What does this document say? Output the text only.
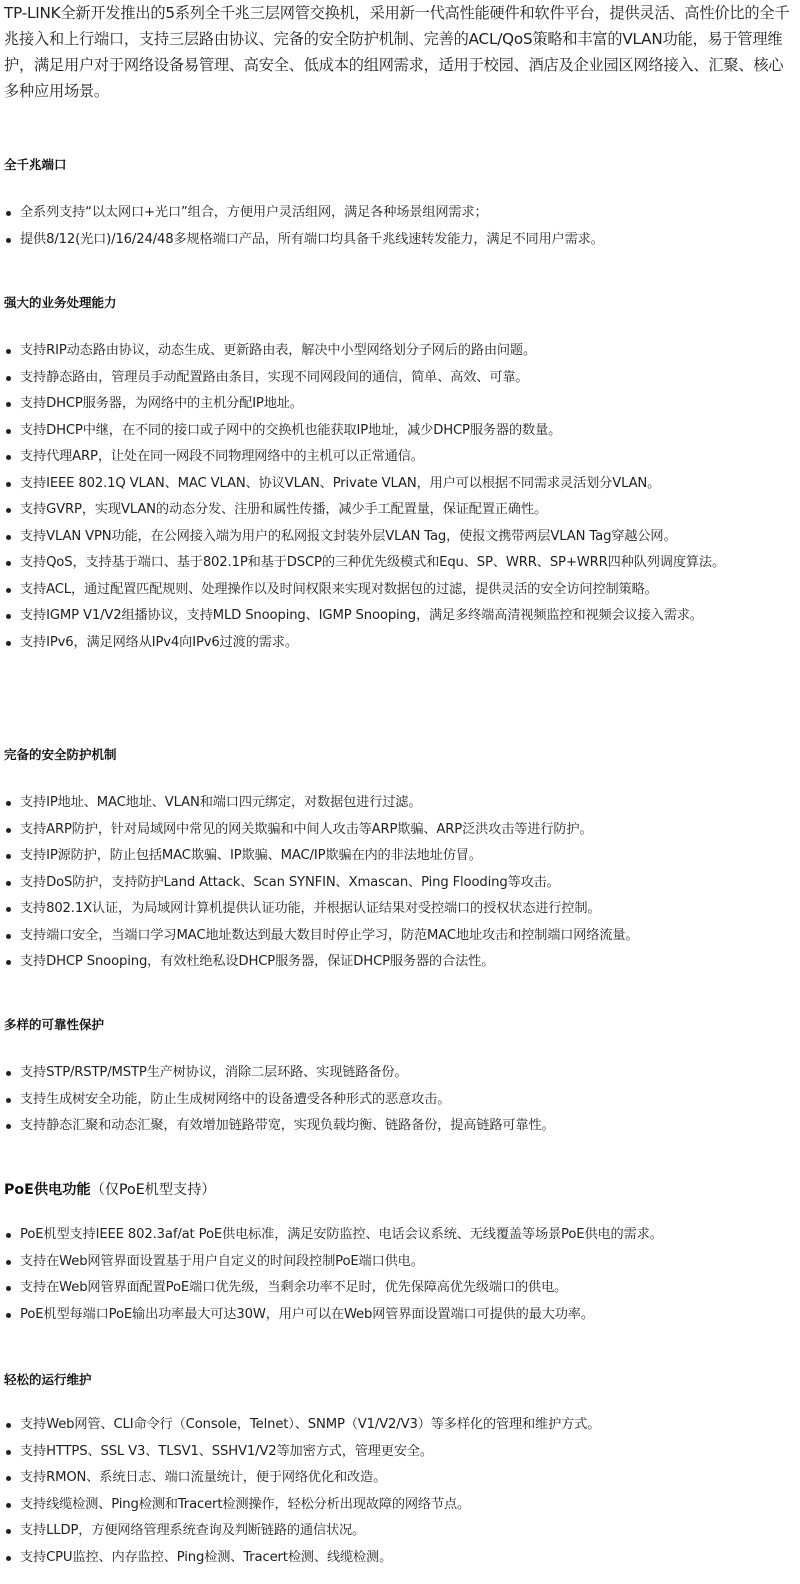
TP-LINK全新开发推出的5系列全千兆三层网管交换机，采用新一代高性能硬件和软件平台，提供灵活、高性价比的全千兆接入和上行端口，支持三层路由协议、完备的安全防护机制、完善的ACL/QoS策略和丰富的VLAN功能，易于管理维护，满足用户对于网络设备易管理、高安全、低成本的组网需求，适用于校园、酒店及企业园区网络接入、汇聚、核心多种应用场景。

全千兆端口
全系列支持“以太网口+光口”组合，方便用户灵活组网，满足各种场景组网需求；
提供8/12(光口)/16/24/48多规格端口产品，所有端口均具备千兆线速转发能力，满足不同用户需求。
强大的业务处理能力
支持RIP动态路由协议，动态生成、更新路由表，解决中小型网络划分子网后的路由问题。
支持静态路由，管理员手动配置路由条目，实现不同网段间的通信，简单、高效、可靠。
支持DHCP服务器，为网络中的主机分配IP地址。
支持DHCP中继，在不同的接口或子网中的交换机也能获取IP地址，减少DHCP服务器的数量。
支持代理ARP，让处在同一网段不同物理网络中的主机可以正常通信。
支持IEEE 802.1Q VLAN、MAC VLAN、协议VLAN、Private VLAN，用户可以根据不同需求灵活划分VLAN。
支持GVRP，实现VLAN的动态分发、注册和属性传播，减少手工配置量，保证配置正确性。
支持VLAN VPN功能，在公网接入端为用户的私网报文封装外层VLAN Tag，使报文携带两层VLAN Tag穿越公网。
支持QoS，支持基于端口、基于802.1P和基于DSCP的三种优先级模式和Equ、SP、WRR、SP+WRR四种队列调度算法。
支持ACL，通过配置匹配规则、处理操作以及时间权限来实现对数据包的过滤，提供灵活的安全访问控制策略。
支持IGMP V1/V2组播协议，支持MLD Snooping、IGMP Snooping，满足多终端高清视频监控和视频会议接入需求。
支持IPv6，满足网络从IPv4向IPv6过渡的需求。
完备的安全防护机制
支持IP地址、MAC地址、VLAN和端口四元绑定，对数据包进行过滤。
支持ARP防护，针对局域网中常见的网关欺骗和中间人攻击等ARP欺骗、ARP泛洪攻击等进行防护。
支持IP源防护，防止包括MAC欺骗、IP欺骗、MAC/IP欺骗在内的非法地址仿冒。
支持DoS防护，支持防护Land Attack、Scan SYNFIN、Xmascan、Ping Flooding等攻击。
支持802.1X认证，为局域网计算机提供认证功能，并根据认证结果对受控端口的授权状态进行控制。
支持端口安全，当端口学习MAC地址数达到最大数目时停止学习，防范MAC地址攻击和控制端口网络流量。
支持DHCP Snooping，有效杜绝私设DHCP服务器，保证DHCP服务器的合法性。
多样的可靠性保护
支持STP/RSTP/MSTP生产树协议，消除二层环路、实现链路备份。
支持生成树安全功能，防止生成树网络中的设备遭受各种形式的恶意攻击。
支持静态汇聚和动态汇聚，有效增加链路带宽，实现负载均衡、链路备份，提高链路可靠性。
PoE供电功能（仅PoE机型支持）
PoE机型支持IEEE 802.3af/at PoE供电标准，满足安防监控、电话会议系统、无线覆盖等场景PoE供电的需求。
支持在Web网管界面设置基于用户自定义的时间段控制PoE端口供电。
支持在Web网管界面配置PoE端口优先级，当剩余功率不足时，优先保障高优先级端口的供电。
PoE机型每端口PoE输出功率最大可达30W，用户可以在Web网管界面设置端口可提供的最大功率。
轻松的运行维护
支持Web网管、CLI命令行（Console，Telnet）、SNMP（V1/V2/V3）等多样化的管理和维护方式。
支持HTTPS、SSL V3、TLSV1、SSHV1/V2等加密方式，管理更安全。
支持RMON、系统日志、端口流量统计，便于网络优化和改造。
支持线缆检测、Ping检测和Tracert检测操作，轻松分析出现故障的网络节点。
支持LLDP，方便网络管理系统查询及判断链路的通信状况。
支持CPU监控、内存监控、Ping检测、Tracert检测、线缆检测。
